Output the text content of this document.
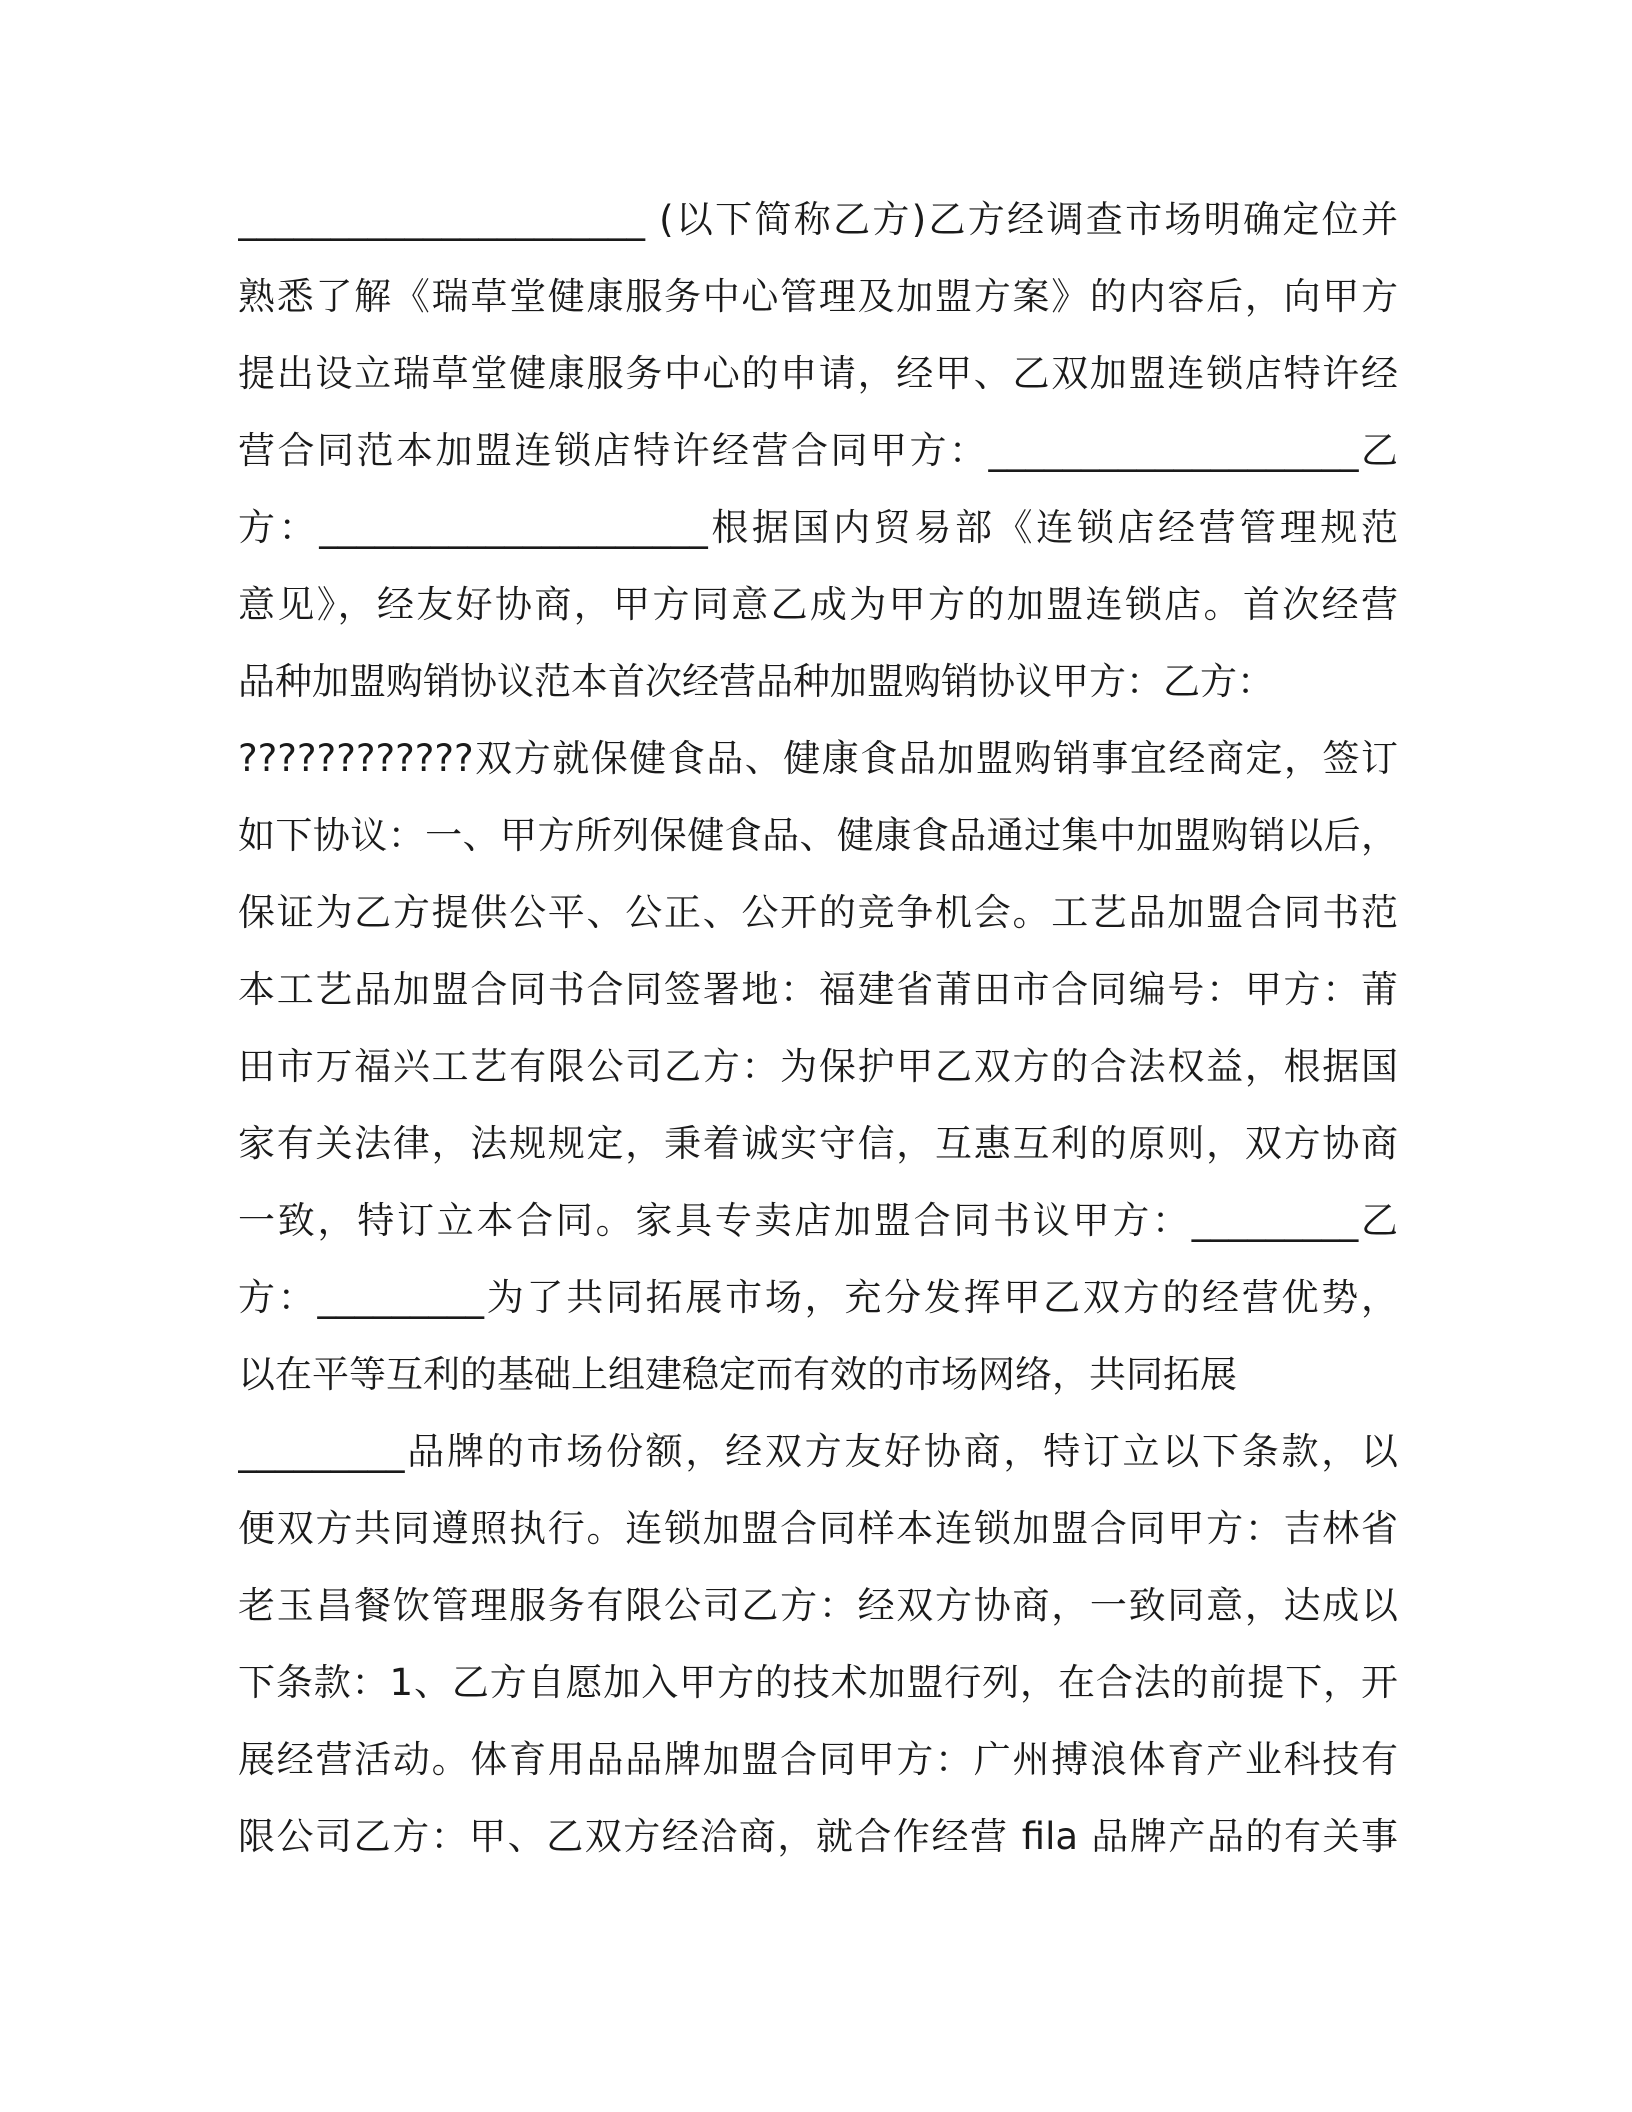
______________________ (以下简称乙方)乙方经调查市场明确定位并
熟悉了解《瑞草堂健康服务中心管理及加盟方案》的内容后，向甲方
提出设立瑞草堂健康服务中心的申请，经甲、乙双加盟连锁店特许经
营合同范本加盟连锁店特许经营合同甲方：____________________乙
方：_____________________根据国内贸易部《连锁店经营管理规范
意见》，经友好协商，甲方同意乙成为甲方的加盟连锁店。首次经营
品种加盟购销协议范本首次经营品种加盟购销协议甲方：乙方：
????????????双方就保健食品、健康食品加盟购销事宜经商定，签订
如下协议：一、甲方所列保健食品、健康食品通过集中加盟购销以后，
保证为乙方提供公平、公正、公开的竞争机会。工艺品加盟合同书范
本工艺品加盟合同书合同签署地：福建省莆田市合同编号：甲方：莆
田市万福兴工艺有限公司乙方：为保护甲乙双方的合法权益，根据国
家有关法律，法规规定，秉着诚实守信，互惠互利的原则，双方协商
一致，特订立本合同。家具专卖店加盟合同书议甲方：_________乙
方：_________为了共同拓展市场，充分发挥甲乙双方的经营优势，
以在平等互利的基础上组建稳定而有效的市场网络，共同拓展
_________品牌的市场份额，经双方友好协商，特订立以下条款，以
便双方共同遵照执行。连锁加盟合同样本连锁加盟合同甲方：吉林省
老玉昌餐饮管理服务有限公司乙方：经双方协商，一致同意，达成以
下条款：1、乙方自愿加入甲方的技术加盟行列，在合法的前提下，开
展经营活动。体育用品品牌加盟合同甲方：广州搏浪体育产业科技有
限公司乙方：甲、乙双方经洽商，就合作经营 fila 品牌产品的有关事
